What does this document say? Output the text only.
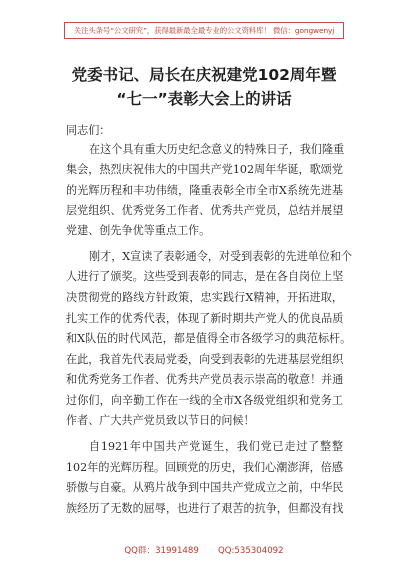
关注头条号“公文研究”，获得最新最全最专业的公文资料库！ 微信：gongwenyj
党委书记、局长在庆祝建党102周年暨
“七一”表彰大会上的讲话
同志们：
在这个具有重大历史纪念意义的特殊日子，我们隆重
集会，热烈庆祝伟大的中国共产党102周年华诞，歌颂党
的光辉历程和丰功伟绩，隆重表彰全市全市X系统先进基
层党组织、优秀党务工作者、优秀共产党员，总结并展望
党建、创先争优等重点工作。
刚才，X宣读了表彰通令，对受到表彰的先进单位和个
人进行了颁奖。这些受到表彰的同志，是在各自岗位上坚
决贯彻党的路线方针政策，忠实践行X精神，开拓进取，
扎实工作的优秀代表，体现了新时期共产党人的优良品质
和X队伍的时代风范，都是值得全市各级学习的典范标杆。
在此，我首先代表局党委，向受到表彰的先进基层党组织
和优秀党务工作者、优秀共产党员表示崇高的敬意！并通
过你们，向辛勤工作在一线的全市X各级党组织和党务工
作者、广大共产党员致以节日的问候！
自1921年中国共产党诞生，我们党已走过了整整
102年的光辉历程。回顾党的历史，我们心潮澎湃，倍感
骄傲与自豪。从鸦片战争到中国共产党成立之前，中华民
族经历了无数的屈辱，也进行了艰苦的抗争，但都没有找
QQ群：31991489 QQ:535304092
